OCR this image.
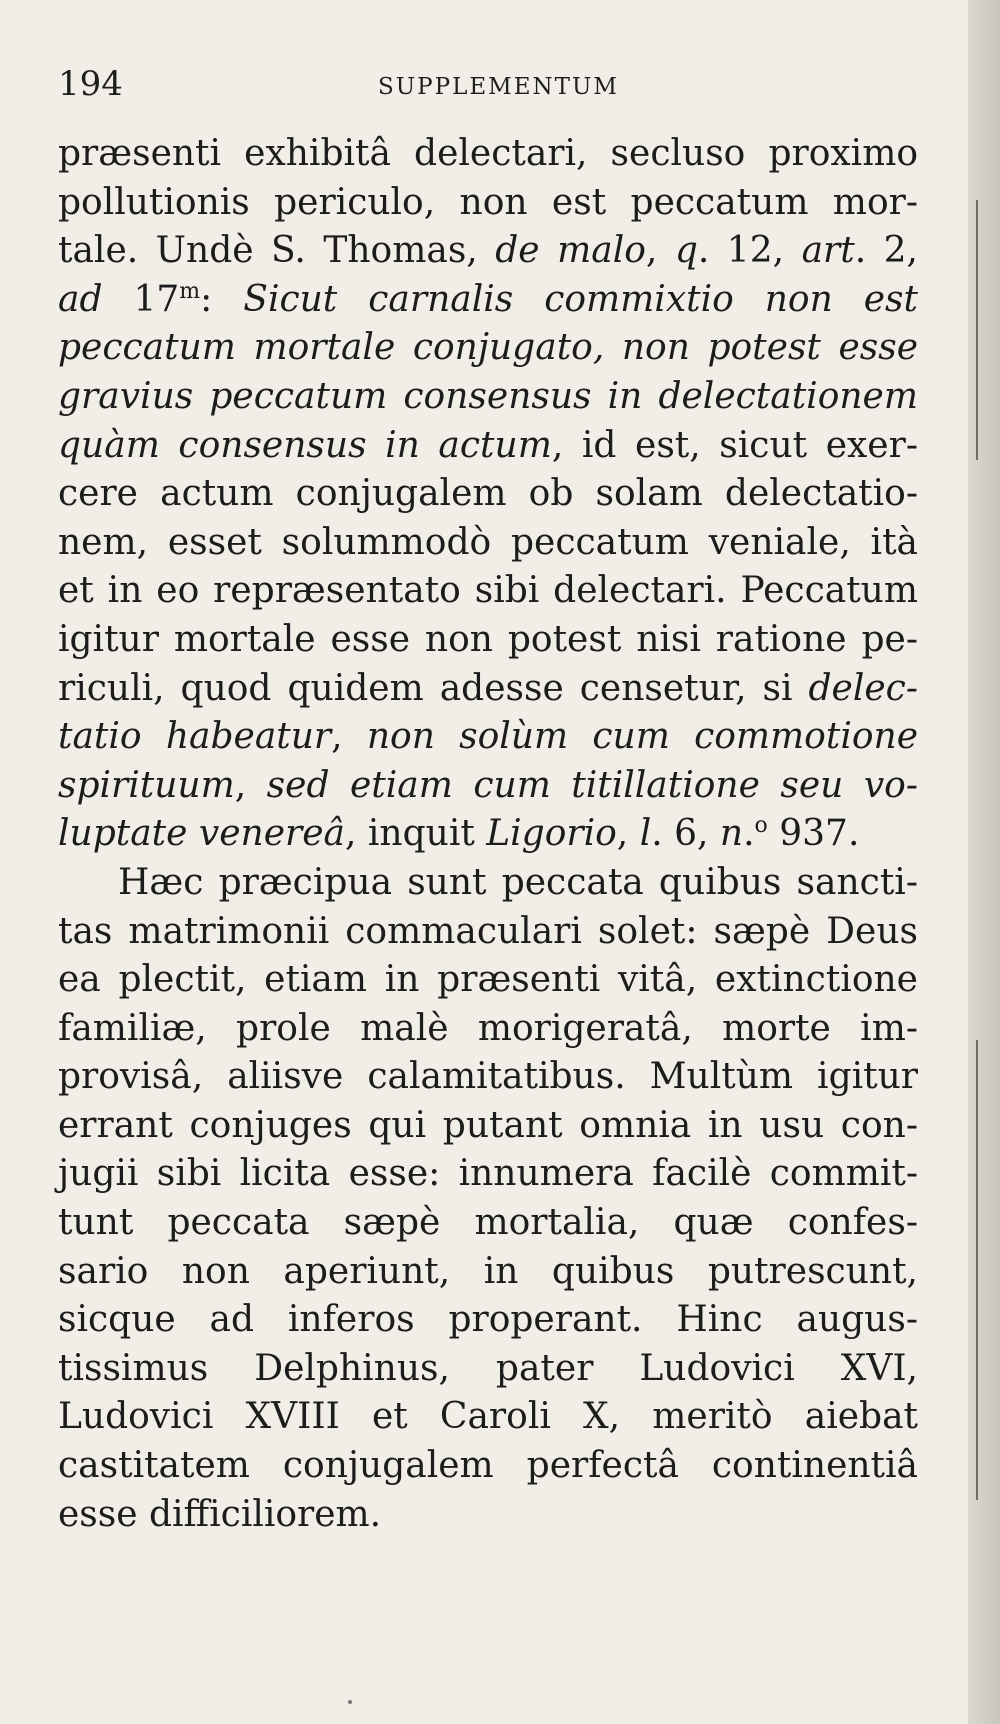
194	SUPPLEMENTUM
præsenti exhibitâ delectari, secluso proximo
pollutionis periculo, non est peccatum mor-
tale. Undè S. Thomas, de malo, q. 12, art. 2,
ad 17$^m$: Sicut carnalis commixtio non est
peccatum mortale conjugato, non potest esse
gravius peccatum consensus in delectationem
quàm consensus in actum, id est, sicut exer-
cere actum conjugalem ob solam delectatio-
nem, esset solummodò peccatum veniale, ità
et in eo repræsentato sibi delectari. Peccatum
igitur mortale esse non potest nisi ratione pe-
riculi, quod quidem adesse censetur, si delec-
tatio habeatur, non solùm cum commotione
spirituum, sed etiam cum titillatione seu vo-
luptate venereâ, inquit Ligorio, l. 6, n.$^o$ 937.
Hæc præcipua sunt peccata quibus sancti-
tas matrimonii commaculari solet: sæpè Deus
ea plectit, etiam in præsenti vitâ, extinctione
familiæ, prole malè morigeratâ, morte im-
provisâ, aliisve calamitatibus. Multùm igitur
errant conjuges qui putant omnia in usu con-
jugii sibi licita esse: innumera facilè commit-
tunt peccata sæpè mortalia, quæ confes-
sario non aperiunt, in quibus putrescunt,
sicque ad inferos properant. Hinc augus-
tissimus Delphinus, pater Ludovici XVI,
Ludovici XVIII et Caroli X, meritò aiebat
castitatem conjugalem perfectâ continentiâ
esse difficiliorem.
